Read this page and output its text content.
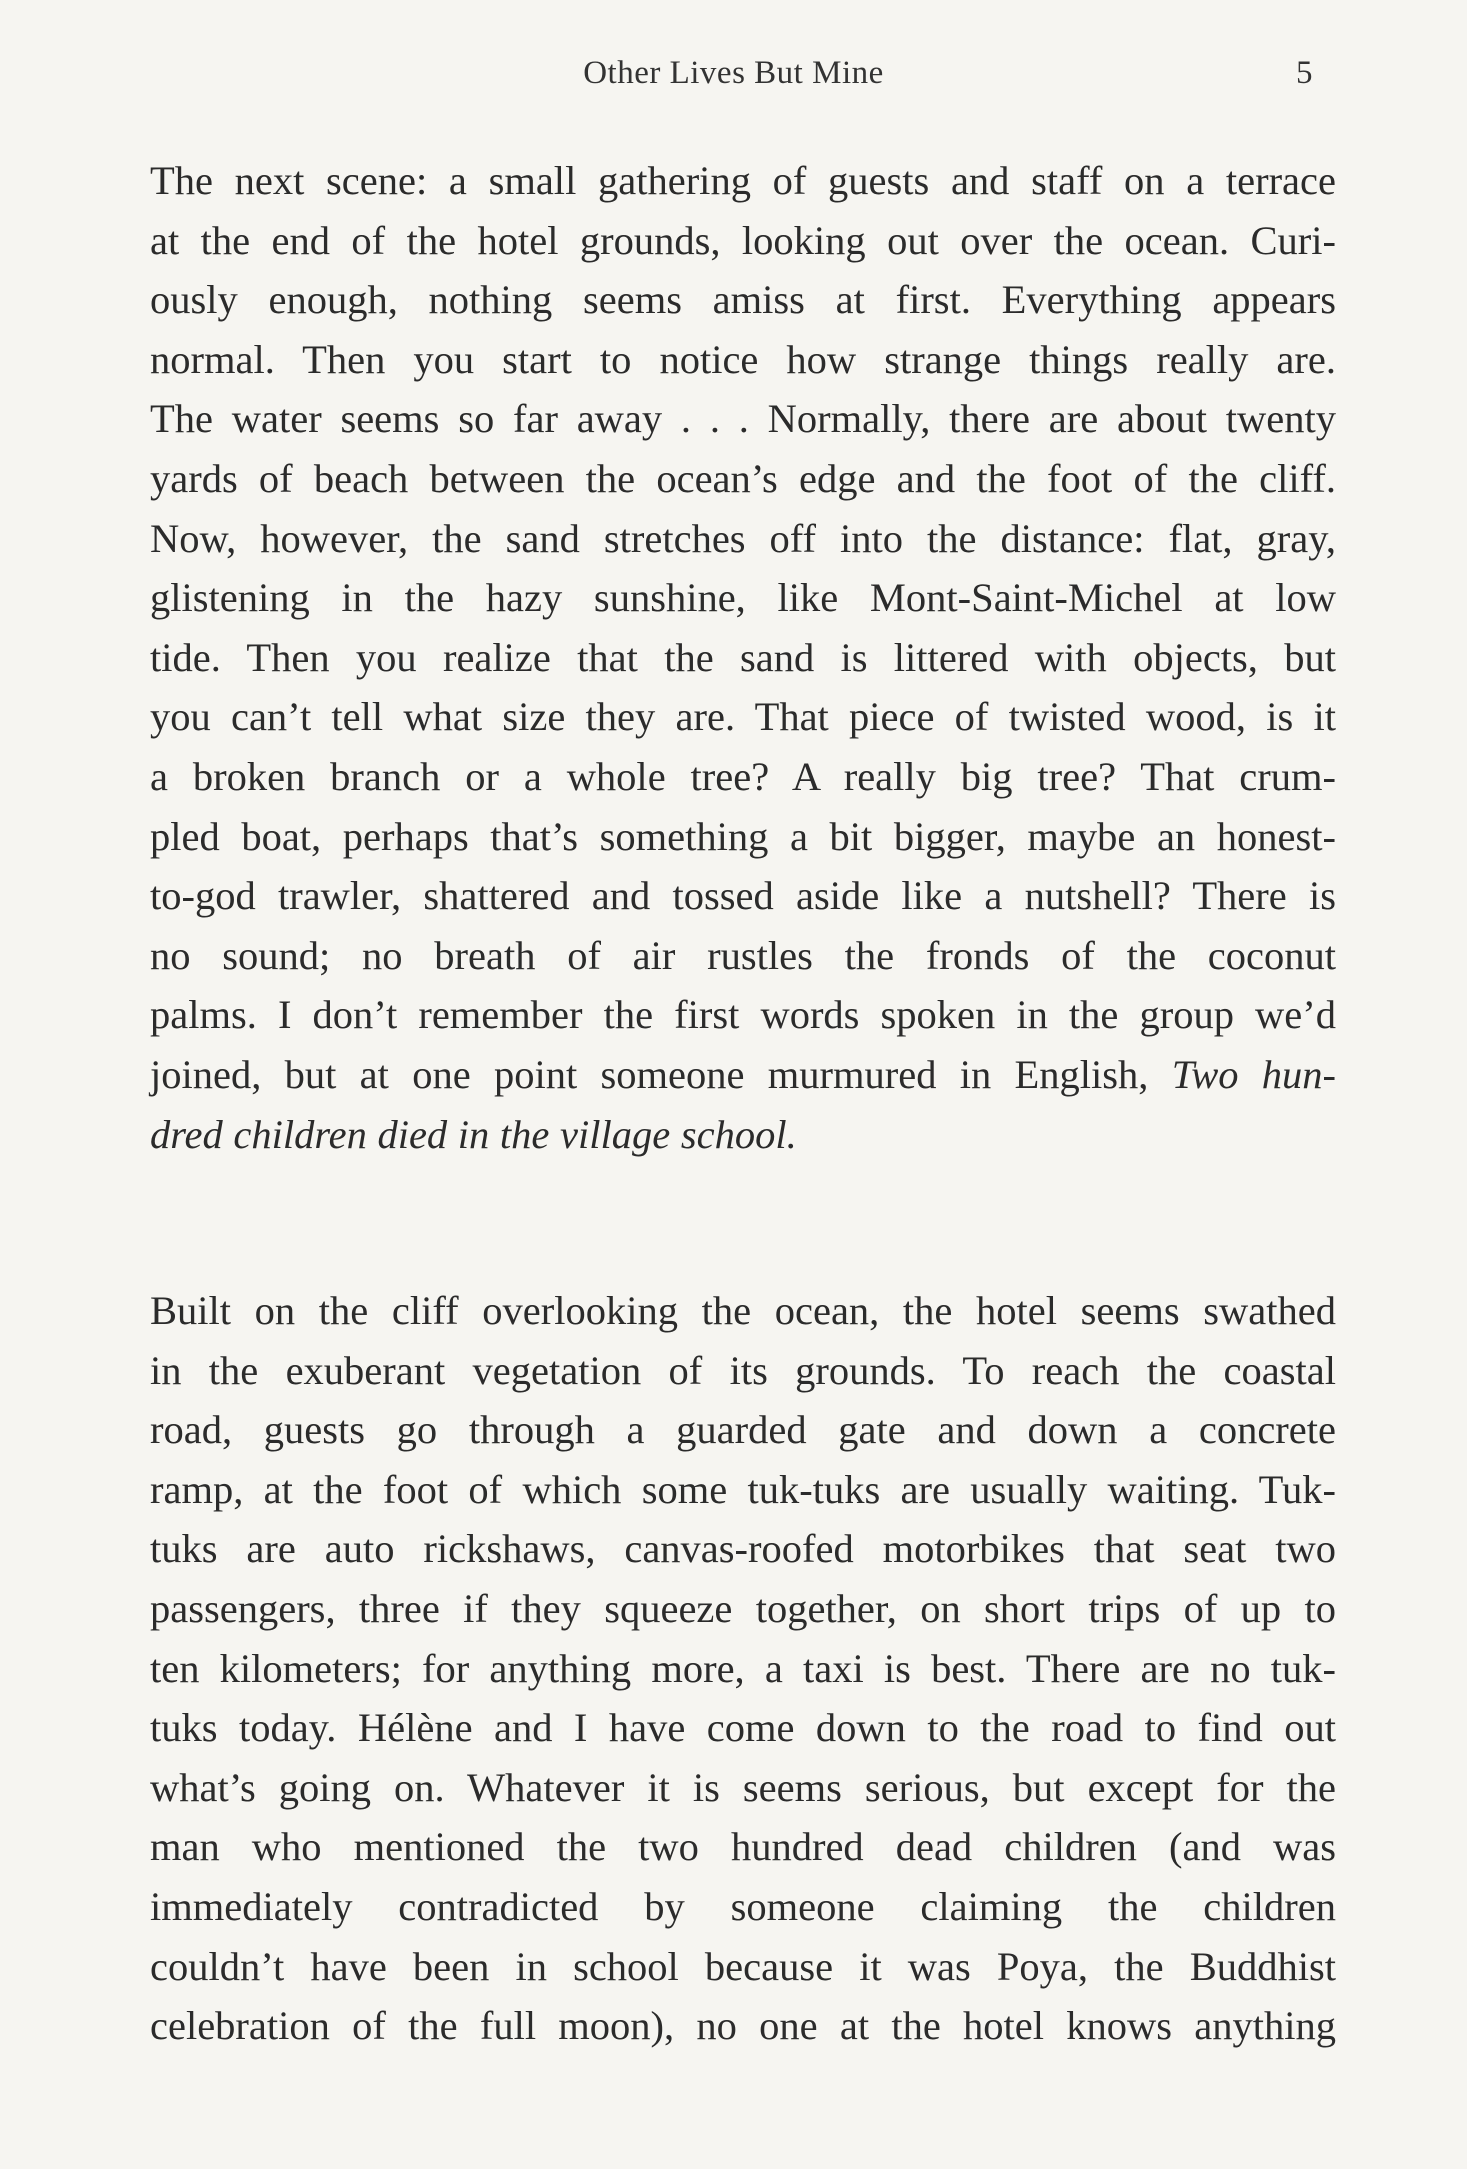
Other Lives But Mine	5
The next scene: a small gathering of guests and staff on a terrace
at the end of the hotel grounds, looking out over the ocean. Curi-
ously enough, nothing seems amiss at first. Everything appears
normal. Then you start to notice how strange things really are.
The water seems so far away . . . Normally, there are about twenty
yards of beach between the ocean’s edge and the foot of the cliff.
Now, however, the sand stretches off into the distance: flat, gray,
glistening in the hazy sunshine, like Mont-Saint-Michel at low
tide. Then you realize that the sand is littered with objects, but
you can’t tell what size they are. That piece of twisted wood, is it
a broken branch or a whole tree? A really big tree? That crum-
pled boat, perhaps that’s something a bit bigger, maybe an honest-
to-god trawler, shattered and tossed aside like a nutshell? There is
no sound; no breath of air rustles the fronds of the coconut
palms. I don’t remember the first words spoken in the group we’d
joined, but at one point someone murmured in English, Two hun-
dred children died in the village school.
Built on the cliff overlooking the ocean, the hotel seems swathed
in the exuberant vegetation of its grounds. To reach the coastal
road, guests go through a guarded gate and down a concrete
ramp, at the foot of which some tuk-tuks are usually waiting. Tuk-
tuks are auto rickshaws, canvas-roofed motorbikes that seat two
passengers, three if they squeeze together, on short trips of up to
ten kilometers; for anything more, a taxi is best. There are no tuk-
tuks today. Hélène and I have come down to the road to find out
what’s going on. Whatever it is seems serious, but except for the
man who mentioned the two hundred dead children (and was
immediately contradicted by someone claiming the children
couldn’t have been in school because it was Poya, the Buddhist
celebration of the full moon), no one at the hotel knows anything
